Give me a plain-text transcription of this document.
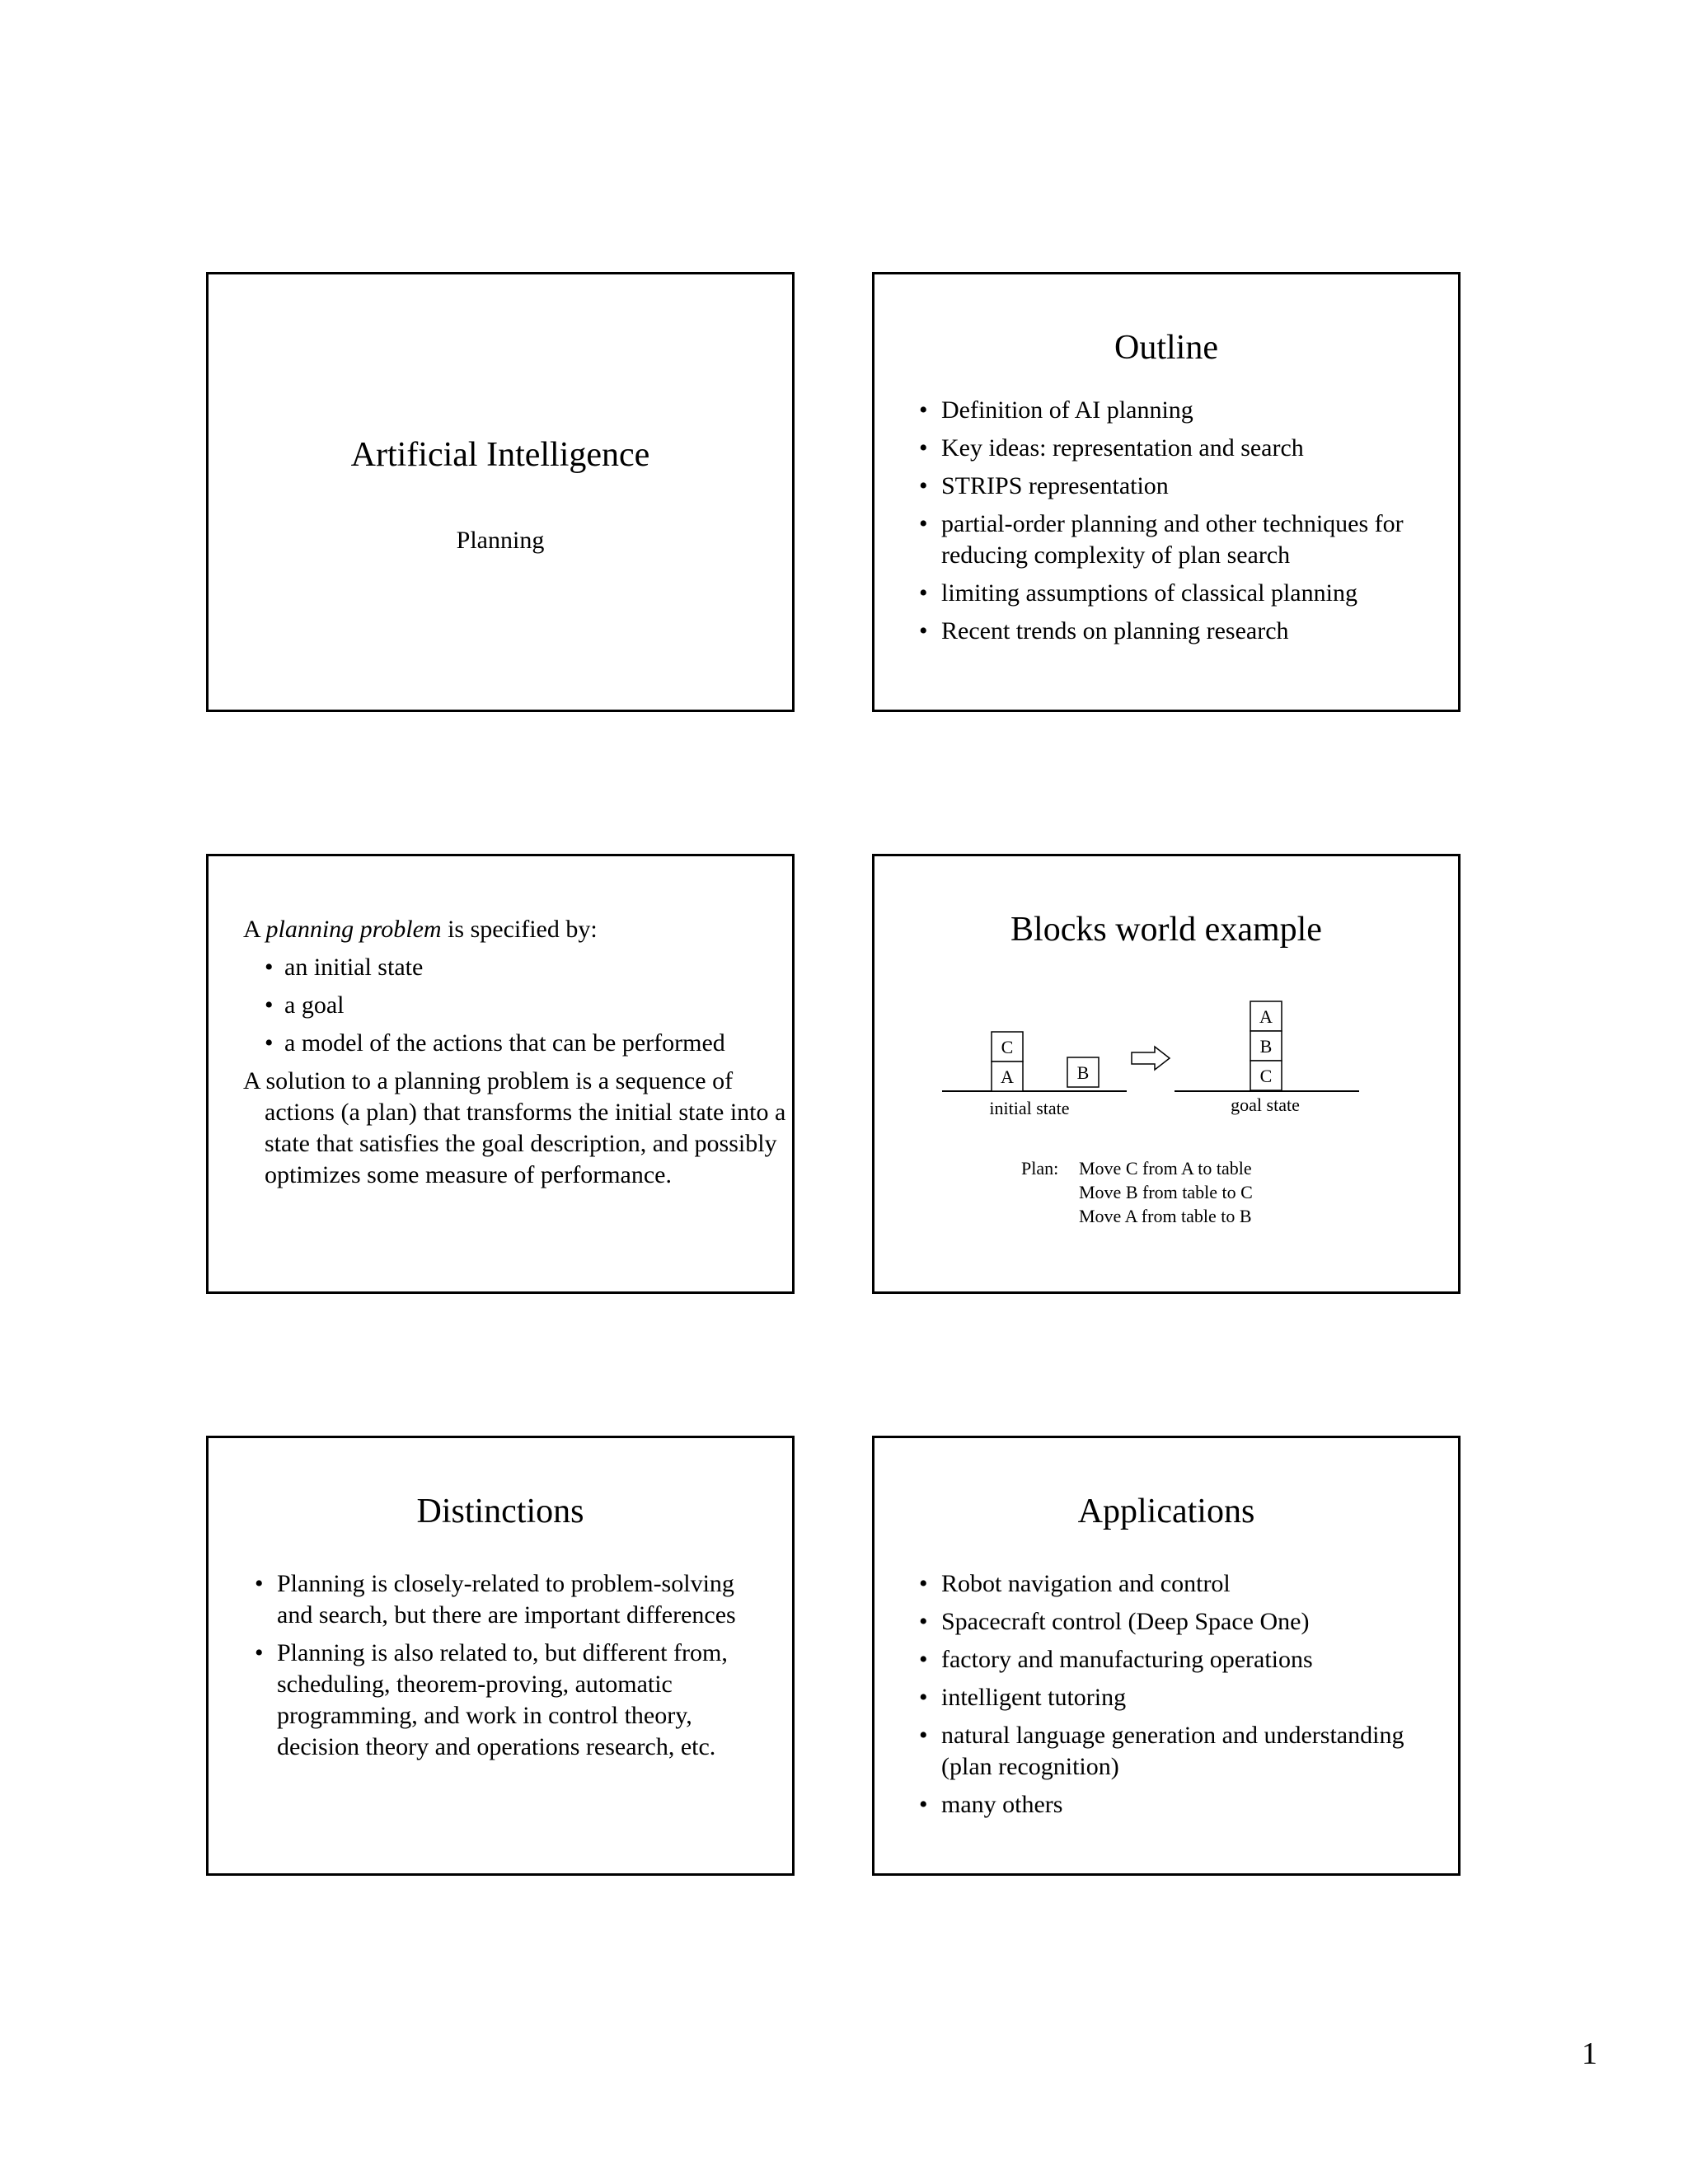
Artificial Intelligence
Planning
Outline
• Definition of AI planning
• Key ideas: representation and search
• STRIPS representation
• partial-order planning and other techniques for reducing complexity of plan search
• limiting assumptions of classical planning
• Recent trends on planning research

A planning problem is specified by:

• an initial state
• a goal
• a model of the actions that can be performed

A solution to a planning problem is a sequence of actions (a plan) that transforms the initial state into a state that satisfies the goal description, and possibly optimizes some measure of performance.

Blocks world example
C
A	B
A
B
C
initial state	goal state
Plan:	Move C from A to table
Move B from table to C
Move A from table to B
Distinctions
• Planning is closely-related to problem-solving and search, but there are important differences
• Planning is also related to, but different from, scheduling, theorem-proving, automatic programming, and work in control theory, decision theory and operations research, etc.
Applications
• Robot navigation and control
• Spacecraft control (Deep Space One)
• factory and manufacturing operations
• intelligent tutoring
• natural language generation and understanding (plan recognition)
• many others
1
